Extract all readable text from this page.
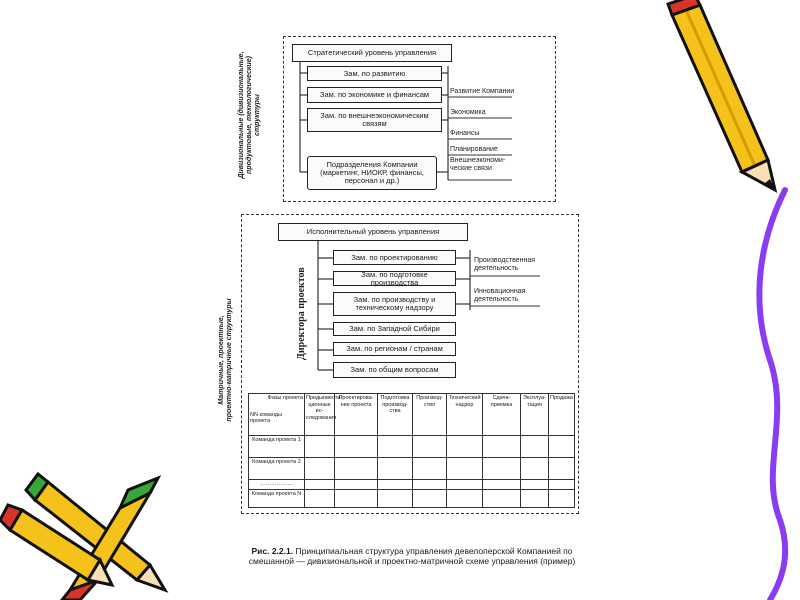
Дивизиональные (дивизиональные,
продуктовые, технологические)
структуры
Стратегический уровень управления
Зам. по развитию
Зам. по экономике и финансам
Зам. по внешнеэкономическим связям
Подразделения Компании (маркетинг, НИОКР, финансы, персонал и др.)
Развитие Компании
Экономика
Финансы
Планирование
Внешнеэкономи-ческие связи
Матричные, проектные,
проектно-матричные структуры
Исполнительный уровень управления
Директора проектов
Зам. по проектированию
Зам. по подготовке производства
Зам. по производству и техническому надзору
Зам. по Западной Сибири
Зам. по регионам / странам
Зам. по общим вопросам
Производственная деятельность
Инновационная деятельность
Фазы проекта
NN команды проекта	Предынвести-ционные ис-следования	Проектирова-ние проекта	Подготовка производ-ства	Производ-ство	Технический надзор	Сдача-приемка	Эксплуа-тация	Продажа
Команда проекта 1								
Команда проекта 2								
………………								
Команда проекта N								
Рис. 2.2.1. Принципиальная структура управления девелоперской Компанией по смешанной — дивизиональной и проектно-матричной схеме управления (пример)
